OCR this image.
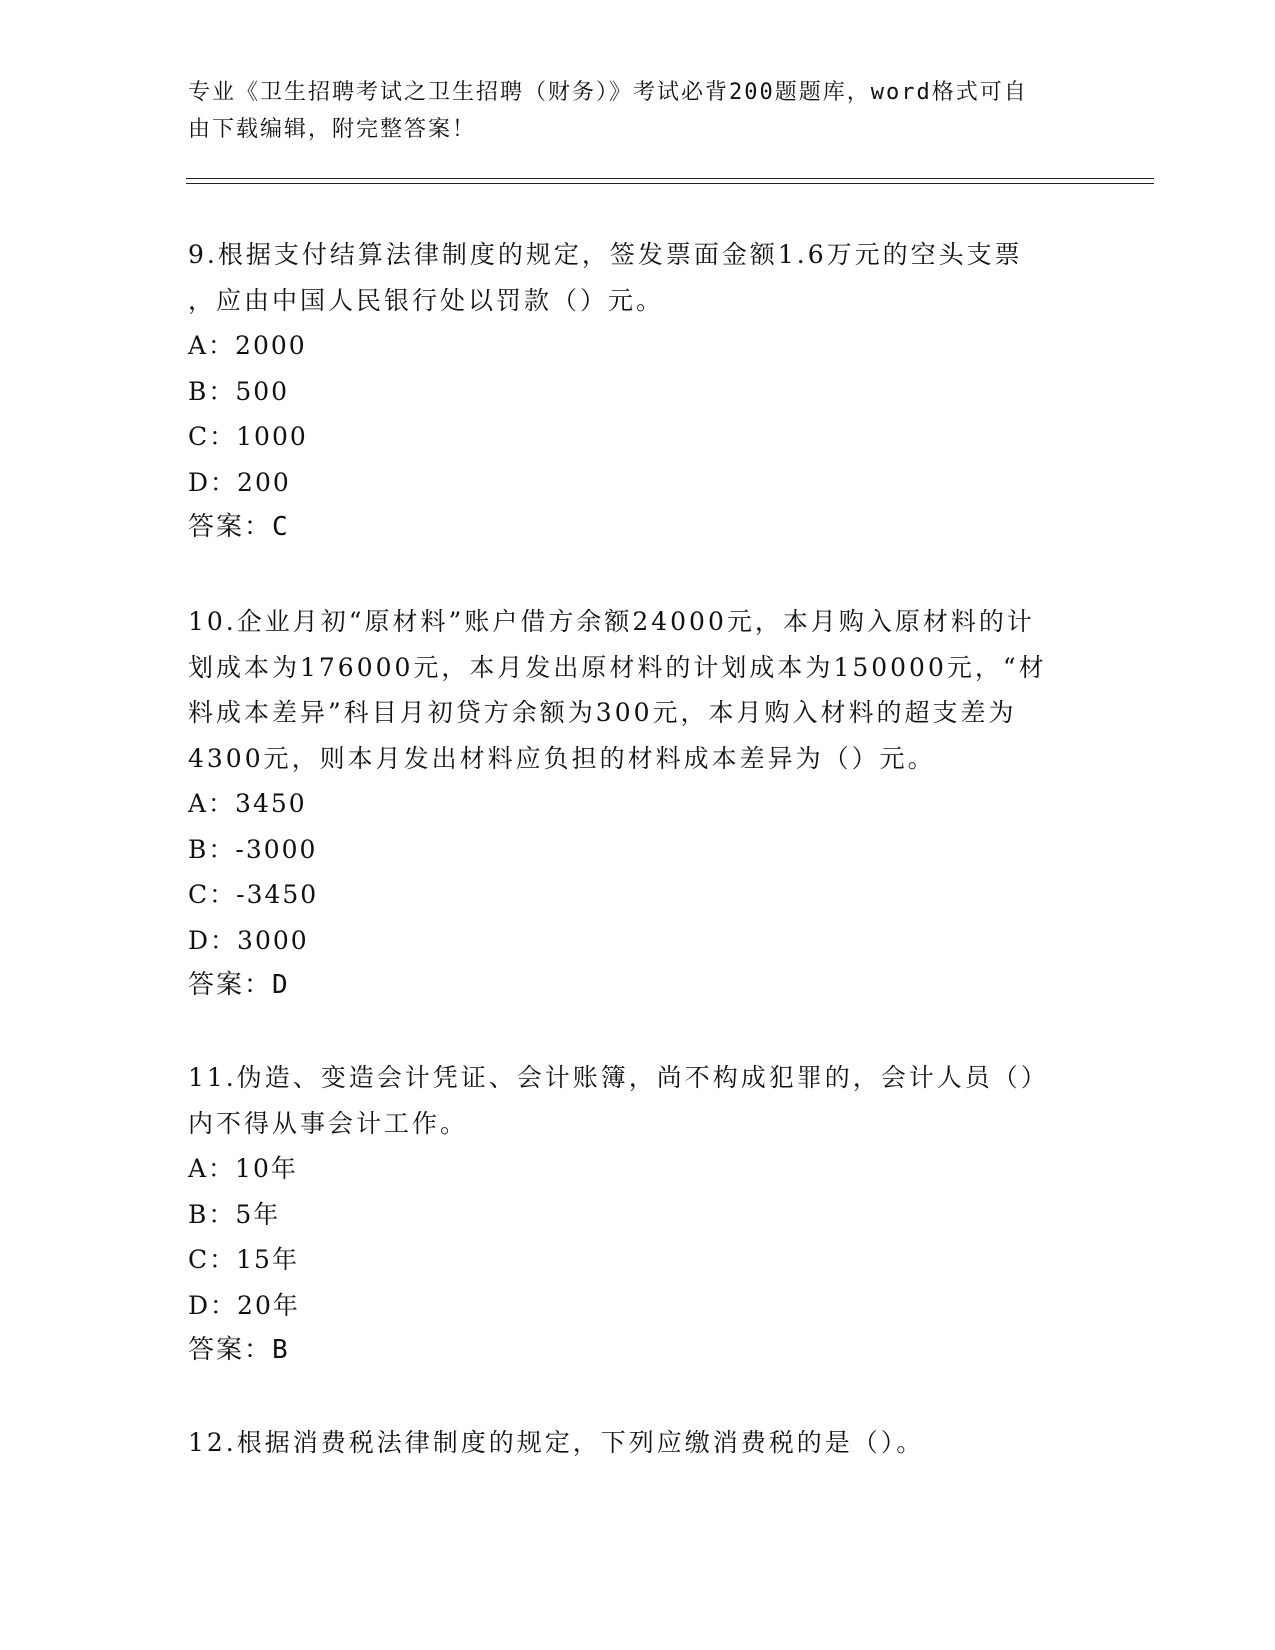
专业《卫生招聘考试之卫生招聘（财务）》考试必背200题题库，word格式可自
由下载编辑，附完整答案！

9.根据支付结算法律制度的规定，签发票面金额1.6万元的空头支票

，应由中国人民银行处以罚款（）元。

A：2000

B：500

C：1000

D：200

答案：C

10.企业月初“原材料”账户借方余额24000元，本月购入原材料的计

划成本为176000元，本月发出原材料的计划成本为150000元，“材

料成本差异”科目月初贷方余额为300元，本月购入材料的超支差为

4300元，则本月发出材料应负担的材料成本差异为（）元。

A：3450

B：-3000

C：-3450

D：3000

答案：D

11.伪造、变造会计凭证、会计账簿，尚不构成犯罪的，会计人员（）

内不得从事会计工作。

A：10年

B：5年

C：15年

D：20年

答案：B

12.根据消费税法律制度的规定，下列应缴消费税的是（）。
